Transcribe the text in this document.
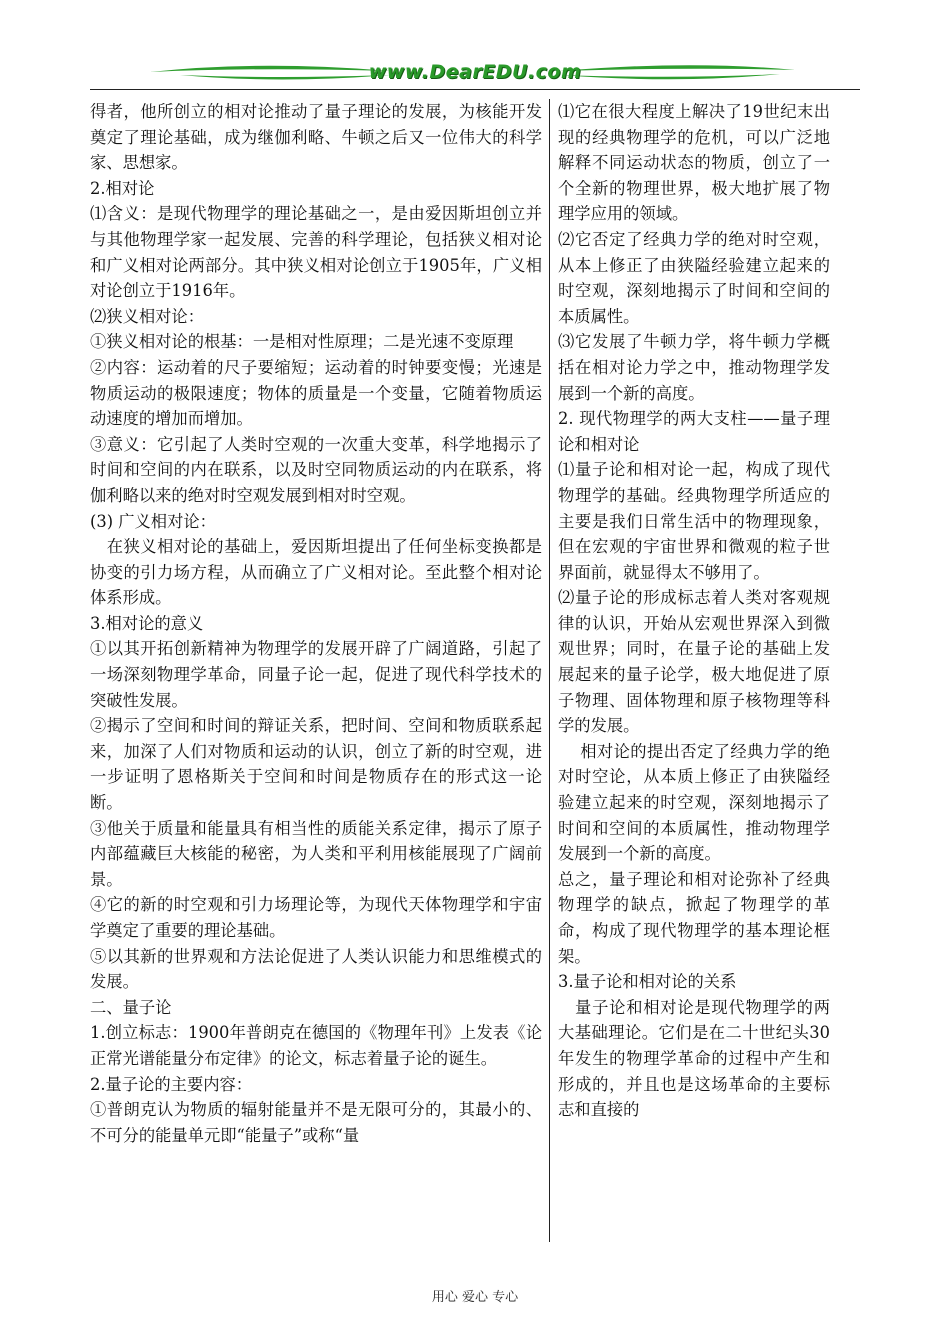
www.DearEDU.com

得者，他所创立的相对论推动了量子理论的发展，为核能开发奠定了理论基础，成为继伽利略、牛顿之后又一位伟大的科学家、思想家。

2.相对论

⑴含义：是现代物理学的理论基础之一，是由爱因斯坦创立并与其他物理学家一起发展、完善的科学理论，包括狭义相对论和广义相对论两部分。其中狭义相对论创立于1905年，广义相对论创立于1916年。

⑵狭义相对论：

①狭义相对论的根基：一是相对性原理；二是光速不变原理

②内容：运动着的尺子要缩短；运动着的时钟要变慢；光速是物质运动的极限速度；物体的质量是一个变量，它随着物质运动速度的增加而增加。

③意义：它引起了人类时空观的一次重大变革，科学地揭示了时间和空间的内在联系，以及时空同物质运动的内在联系，将伽利略以来的绝对时空观发展到相对时空观。

(3) 广义相对论：

　在狭义相对论的基础上，爱因斯坦提出了任何坐标变换都是协变的引力场方程，从而确立了广义相对论。至此整个相对论体系形成。

3.相对论的意义

①以其开拓创新精神为物理学的发展开辟了广阔道路，引起了一场深刻物理学革命，同量子论一起，促进了现代科学技术的突破性发展。

②揭示了空间和时间的辩证关系，把时间、空间和物质联系起来，加深了人们对物质和运动的认识，创立了新的时空观，进一步证明了恩格斯关于空间和时间是物质存在的形式这一论断。

③他关于质量和能量具有相当性的质能关系定律，揭示了原子内部蕴藏巨大核能的秘密，为人类和平利用核能展现了广阔前景。

④它的新的时空观和引力场理论等，为现代天体物理学和宇宙学奠定了重要的理论基础。

⑤以其新的世界观和方法论促进了人类认识能力和思维模式的发展。

二、量子论

1.创立标志：1900年普朗克在德国的《物理年刊》上发表《论正常光谱能量分布定律》的论文，标志着量子论的诞生。

2.量子论的主要内容：

①普朗克认为物质的辐射能量并不是无限可分的，其最小的、不可分的能量单元即“能量子”或称“量

⑴它在很大程度上解决了19世纪末出现的经典物理学的危机，可以广泛地解释不同运动状态的物质，创立了一个全新的物理世界，极大地扩展了物理学应用的领域。

⑵它否定了经典力学的绝对时空观，从本上修正了由狭隘经验建立起来的时空观，深刻地揭示了时间和空间的本质属性。

⑶它发展了牛顿力学，将牛顿力学概括在相对论力学之中，推动物理学发展到一个新的高度。

2. 现代物理学的两大支柱——量子理论和相对论

⑴量子论和相对论一起，构成了现代物理学的基础。经典物理学所适应的主要是我们日常生活中的物理现象，但在宏观的宇宙世界和微观的粒子世界面前，就显得太不够用了。

⑵量子论的形成标志着人类对客观规律的认识，开始从宏观世界深入到微观世界；同时，在量子论的基础上发展起来的量子论学，极大地促进了原子物理、固体物理和原子核物理等科学的发展。

　 相对论的提出否定了经典力学的绝对时空论，从本质上修正了由狭隘经验建立起来的时空观，深刻地揭示了时间和空间的本质属性，推动物理学发展到一个新的高度。

总之，量子理论和相对论弥补了经典物理学的缺点，掀起了物理学的革命，构成了现代物理学的基本理论框架。

3.量子论和相对论的关系

　量子论和相对论是现代物理学的两大基础理论。它们是在二十世纪头30年发生的物理学革命的过程中产生和形成的，并且也是这场革命的主要标志和直接的

用心 爱心 专心
